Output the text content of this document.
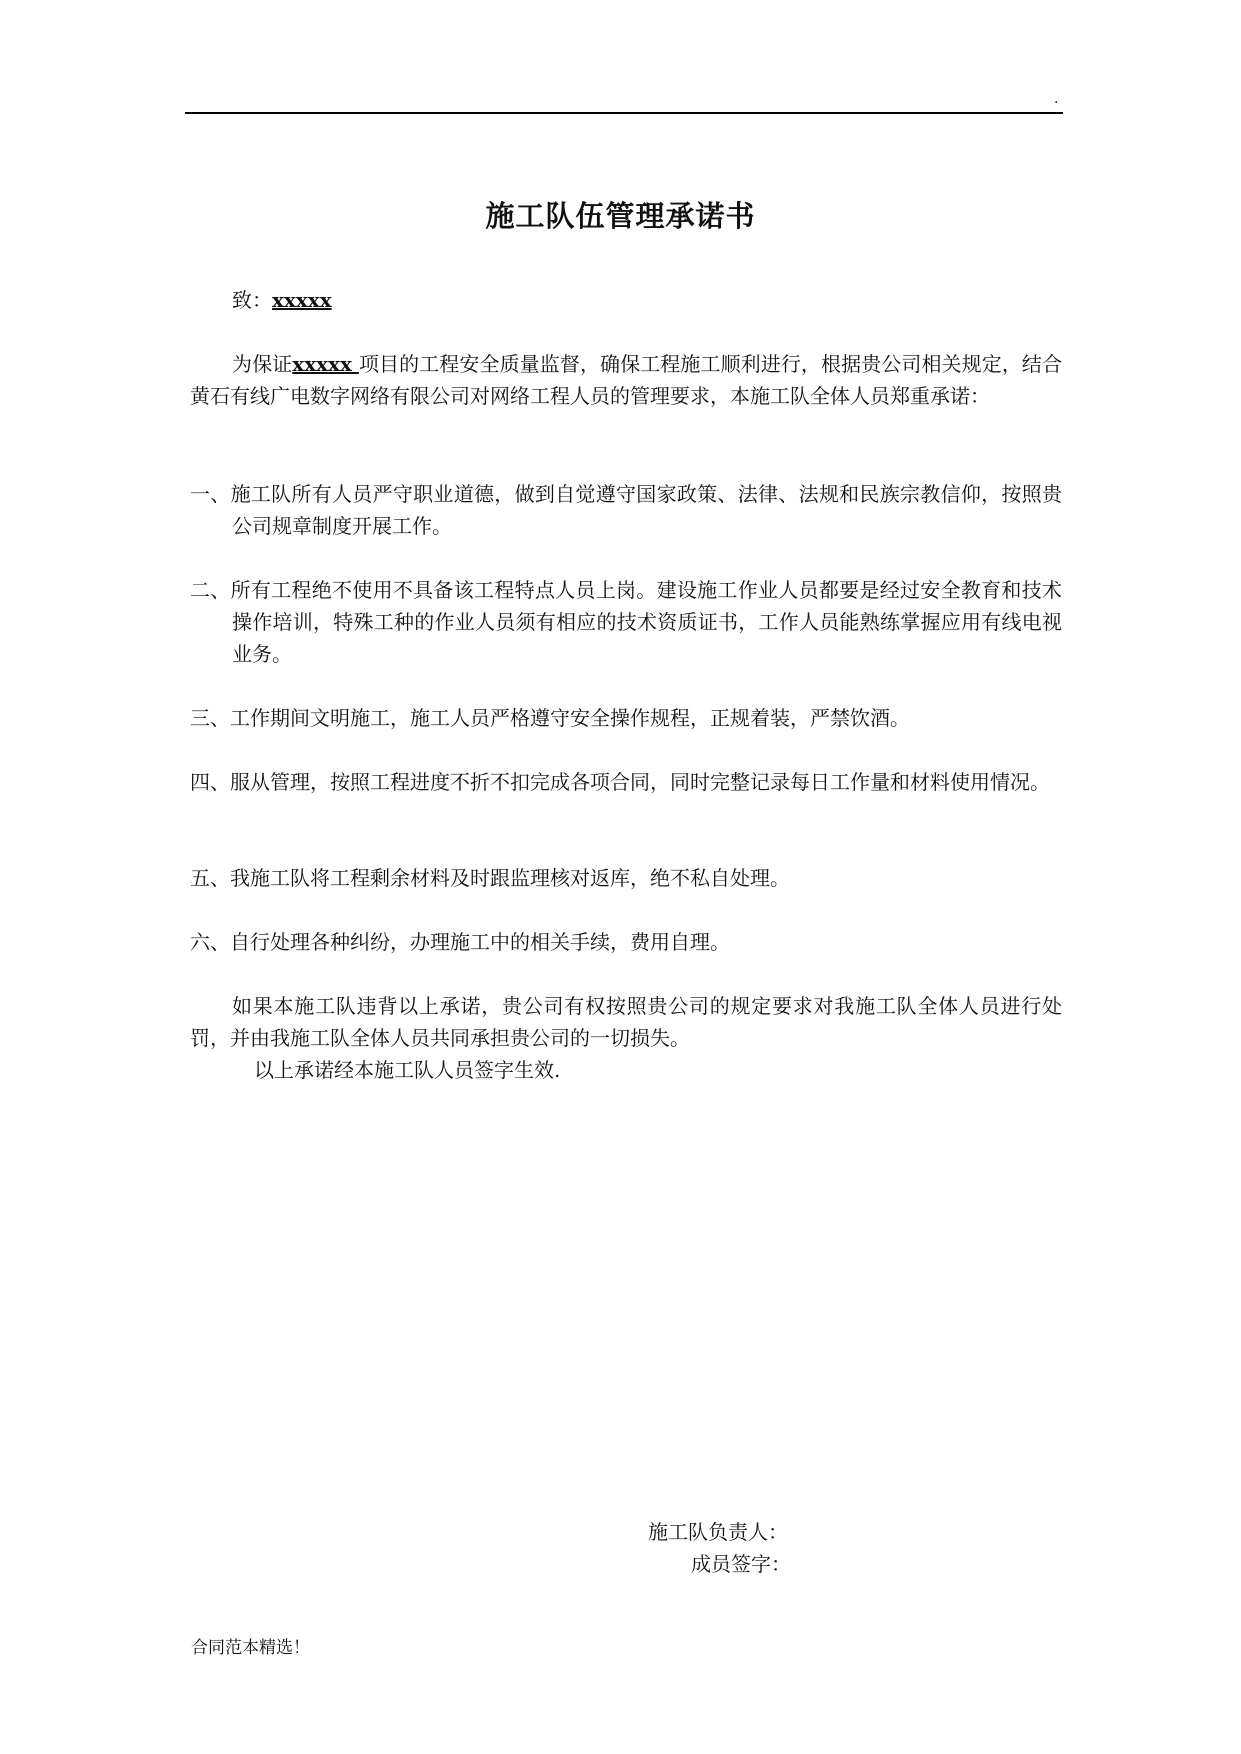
.
施工队伍管理承诺书
致：xxxxx
为保证xxxxx 项目的工程安全质量监督，确保工程施工顺利进行，根据贵公司相关规定，结合黄石有线广电数字网络有限公司对网络工程人员的管理要求，本施工队全体人员郑重承诺：
一、施工队所有人员严守职业道德，做到自觉遵守国家政策、法律、法规和民族宗教信仰，按照贵公司规章制度开展工作。
二、所有工程绝不使用不具备该工程特点人员上岗。建设施工作业人员都要是经过安全教育和技术操作培训，特殊工种的作业人员须有相应的技术资质证书，工作人员能熟练掌握应用有线电视业务。
三、工作期间文明施工，施工人员严格遵守安全操作规程，正规着装，严禁饮酒。
四、服从管理，按照工程进度不折不扣完成各项合同，同时完整记录每日工作量和材料使用情况。
五、我施工队将工程剩余材料及时跟监理核对返库，绝不私自处理。
六、自行处理各种纠纷，办理施工中的相关手续，费用自理。
如果本施工队违背以上承诺，贵公司有权按照贵公司的规定要求对我施工队全体人员进行处罚，并由我施工队全体人员共同承担贵公司的一切损失。
以上承诺经本施工队人员签字生效.
施工队负责人：
成员签字：
合同范本精选！
